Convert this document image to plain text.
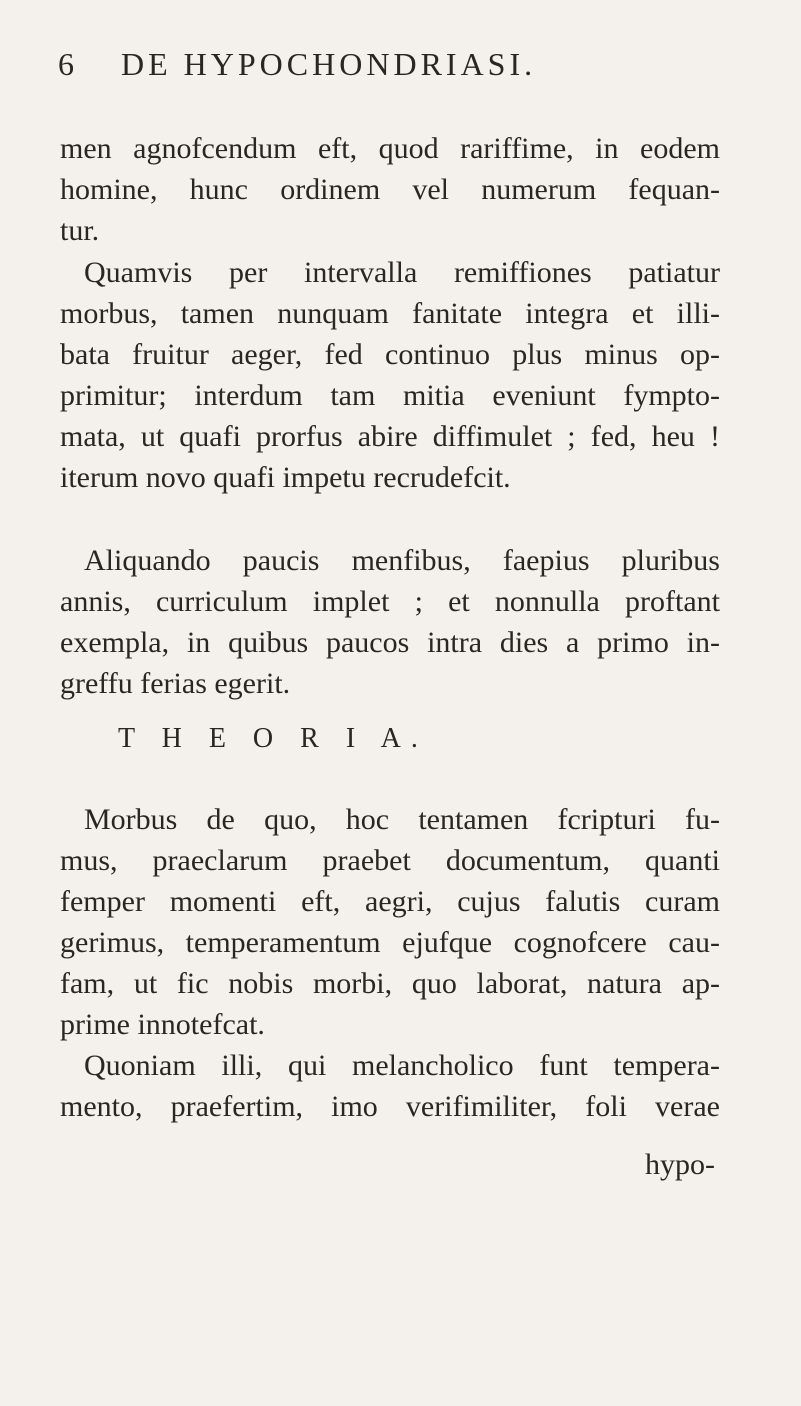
6 DE HYPOCHONDRIASI.
men agnofcendum eft, quod rariffime, in eodem
homine, hunc ordinem vel numerum fequan-
tur.
Quamvis per intervalla remiffiones patiatur
morbus, tamen nunquam fanitate integra et illi-
bata fruitur aeger, fed continuo plus minus op-
primitur; interdum tam mitia eveniunt fympto-
mata, ut quafi prorfus abire diffimulet ; fed, heu !
iterum novo quafi impetu recrudefcit.
Aliquando paucis menfibus, faepius pluribus
annis, curriculum implet ; et nonnulla proftant
exempla, in quibus paucos intra dies a primo in-
greffu ferias egerit.
T H E O R I A.
Morbus de quo, hoc tentamen fcripturi fu-
mus, praeclarum praebet documentum, quanti
femper momenti eft, aegri, cujus falutis curam
gerimus, temperamentum ejufque cognofcere cau-
fam, ut fic nobis morbi, quo laborat, natura ap-
prime innotefcat.
Quoniam illi, qui melancholico funt tempera-
mento, praefertim, imo verifimiliter, foli verae
hypo-
